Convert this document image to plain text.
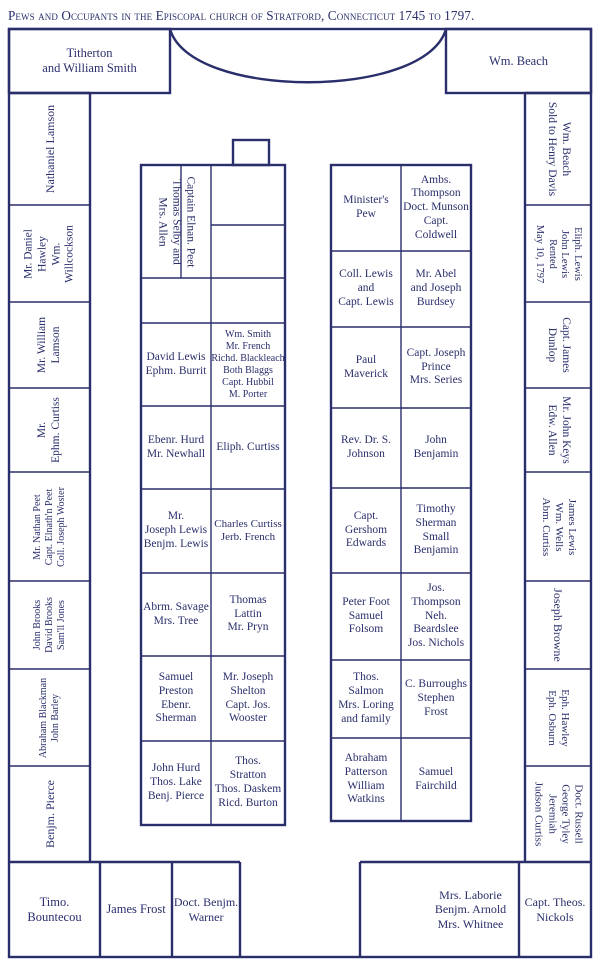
Pews and Occupants in the Episcopal church of Stratford, Connecticut 1745 to 1797.
Titherton
and William Smith
Wm. Beach
Nathaniel Lamson
Mr. Daniel Hawley Wm. Willcockson
Mr. William Lamson
Mr. Ephm. Curtiss
Mr. Nathan Peet Capt. Elnath'n Peet Coll. Joseph Woster
John Brooks David Brooks Sam'll Jones
Abraham Blackman John Barley
Benjm. Pierce
Wm. Beach
Sold to Henry Davis
Eliph. Lewis
John Lewis
Rented
May 10, 1797
Capt. James
Dunlop
Mr. John Keys
Edw. Allen
James Lewis
Wm. Wells
Abm. Curtiss
Joseph Browne
Eph. Hawley
Eph. Osburn
Doct. Russell
George Tyley
Jeremiah
Judson Curtiss
Captain Elnan. Peet
Thomas Selby and
Mrs. Allen
David Lewis
Ephm. Burrit
Wm. Smith
Mr. French
Richd. Blackleach
Both Blaggs
Capt. Hubbil
M. Porter
Ebenr. Hurd
Mr. Newhall
Eliph. Curtiss
Mr.
Joseph Lewis
Benjm. Lewis
Charles Curtiss
Jerb. French
Abrm. Savage
Mrs. Tree
Thomas
Lattin
Mr. Pryn
Samuel
Preston
Ebenr.
Sherman
Mr. Joseph
Shelton
Capt. Jos.
Wooster
John Hurd
Thos. Lake
Benj. Pierce
Thos.
Stratton
Thos. Daskem
Ricd. Burton
Minister's
Pew
Ambs.
Thompson
Doct. Munson
Capt.
Coldwell
Coll. Lewis
and
Capt. Lewis
Mr. Abel
and Joseph
Burdsey
Paul
Maverick
Capt. Joseph
Prince
Mrs. Series
Rev. Dr. S.
Johnson
John
Benjamin
Capt.
Gershom
Edwards
Timothy
Sherman
Small
Benjamin
Peter Foot
Samuel
Folsom
Jos.
Thompson
Neh.
Beardslee
Jos. Nichols
Thos.
Salmon
Mrs. Loring
and family
C. Burroughs
Stephen
Frost
Abraham
Patterson
William
Watkins
Samuel
Fairchild
Timo.
Bountecou
James Frost Doct. Benjm.
Warner
Mrs. Laborie
Benjm. Arnold
Mrs. Whitnee
Capt. Theos.
Nickols
